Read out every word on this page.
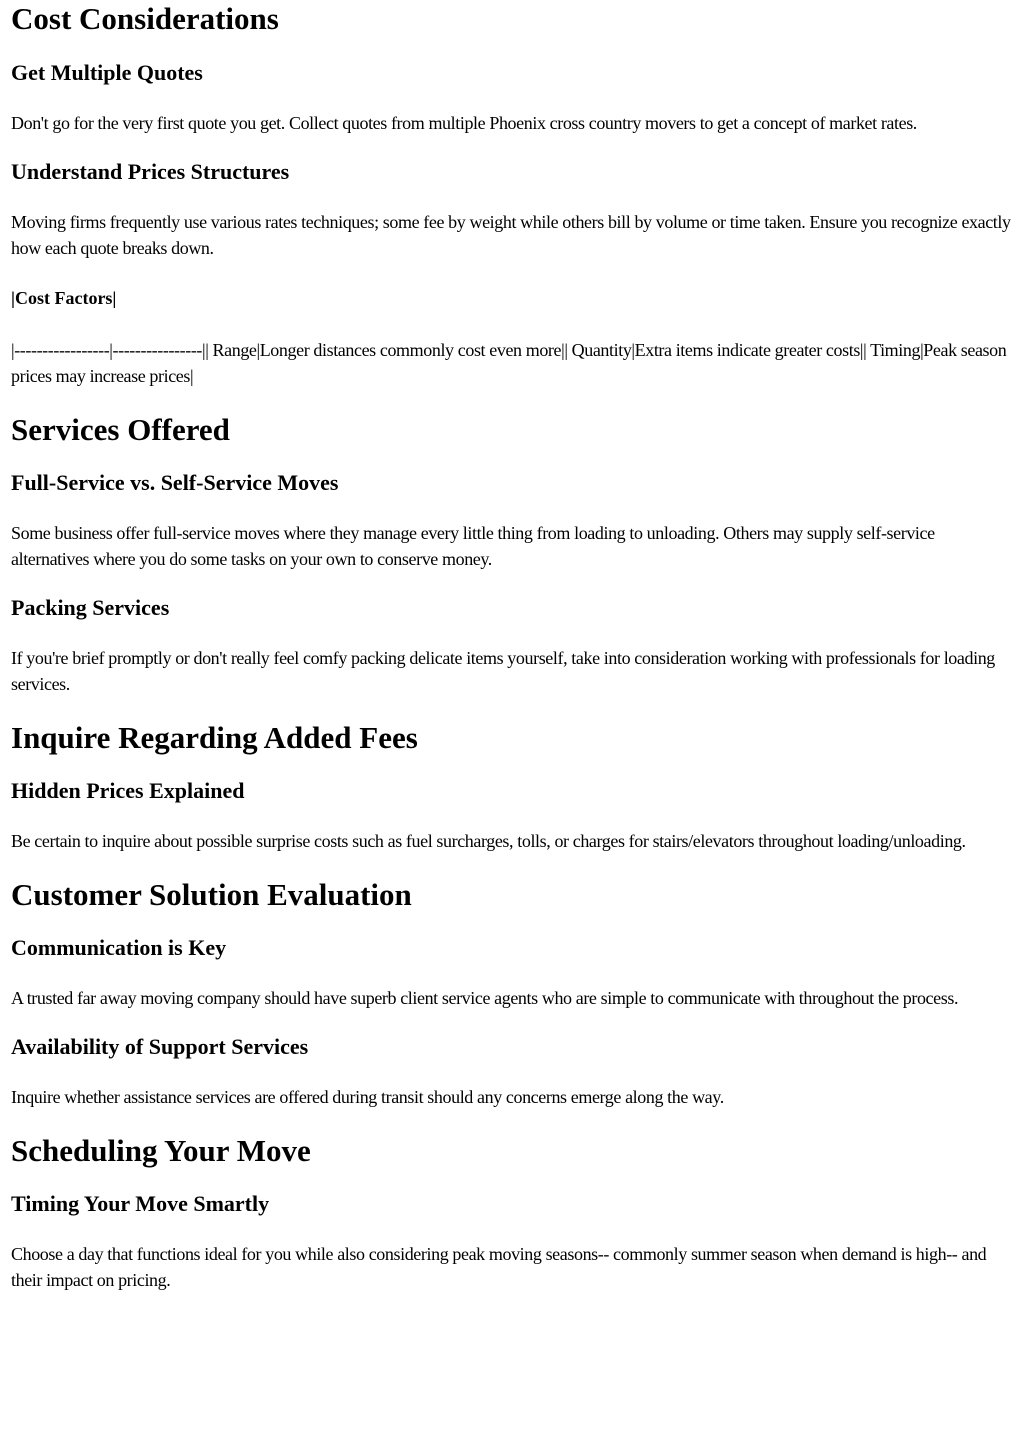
Cost Considerations
Get Multiple Quotes

Don't go for the very first quote you get. Collect quotes from multiple Phoenix cross country movers to get a concept of market rates.

Understand Prices Structures

Moving firms frequently use various rates techniques; some fee by weight while others bill by volume or time taken. Ensure you recognize exactly how each quote breaks down.

|Cost Factors|

|-----------------|----------------|| Range|Longer distances commonly cost even more|| Quantity|Extra items indicate greater costs|| Timing|Peak season prices may increase prices|

Services Offered
Full-Service vs. Self-Service Moves

Some business offer full-service moves where they manage every little thing from loading to unloading. Others may supply self-service alternatives where you do some tasks on your own to conserve money.

Packing Services

If you're brief promptly or don't really feel comfy packing delicate items yourself, take into consideration working with professionals for loading services.

Inquire Regarding Added Fees
Hidden Prices Explained

Be certain to inquire about possible surprise costs such as fuel surcharges, tolls, or charges for stairs/elevators throughout loading/unloading.

Customer Solution Evaluation
Communication is Key

A trusted far away moving company should have superb client service agents who are simple to communicate with throughout the process.

Availability of Support Services

Inquire whether assistance services are offered during transit should any concerns emerge along the way.

Scheduling Your Move
Timing Your Move Smartly

Choose a day that functions ideal for you while also considering peak moving seasons-- commonly summer season when demand is high-- and their impact on pricing.
